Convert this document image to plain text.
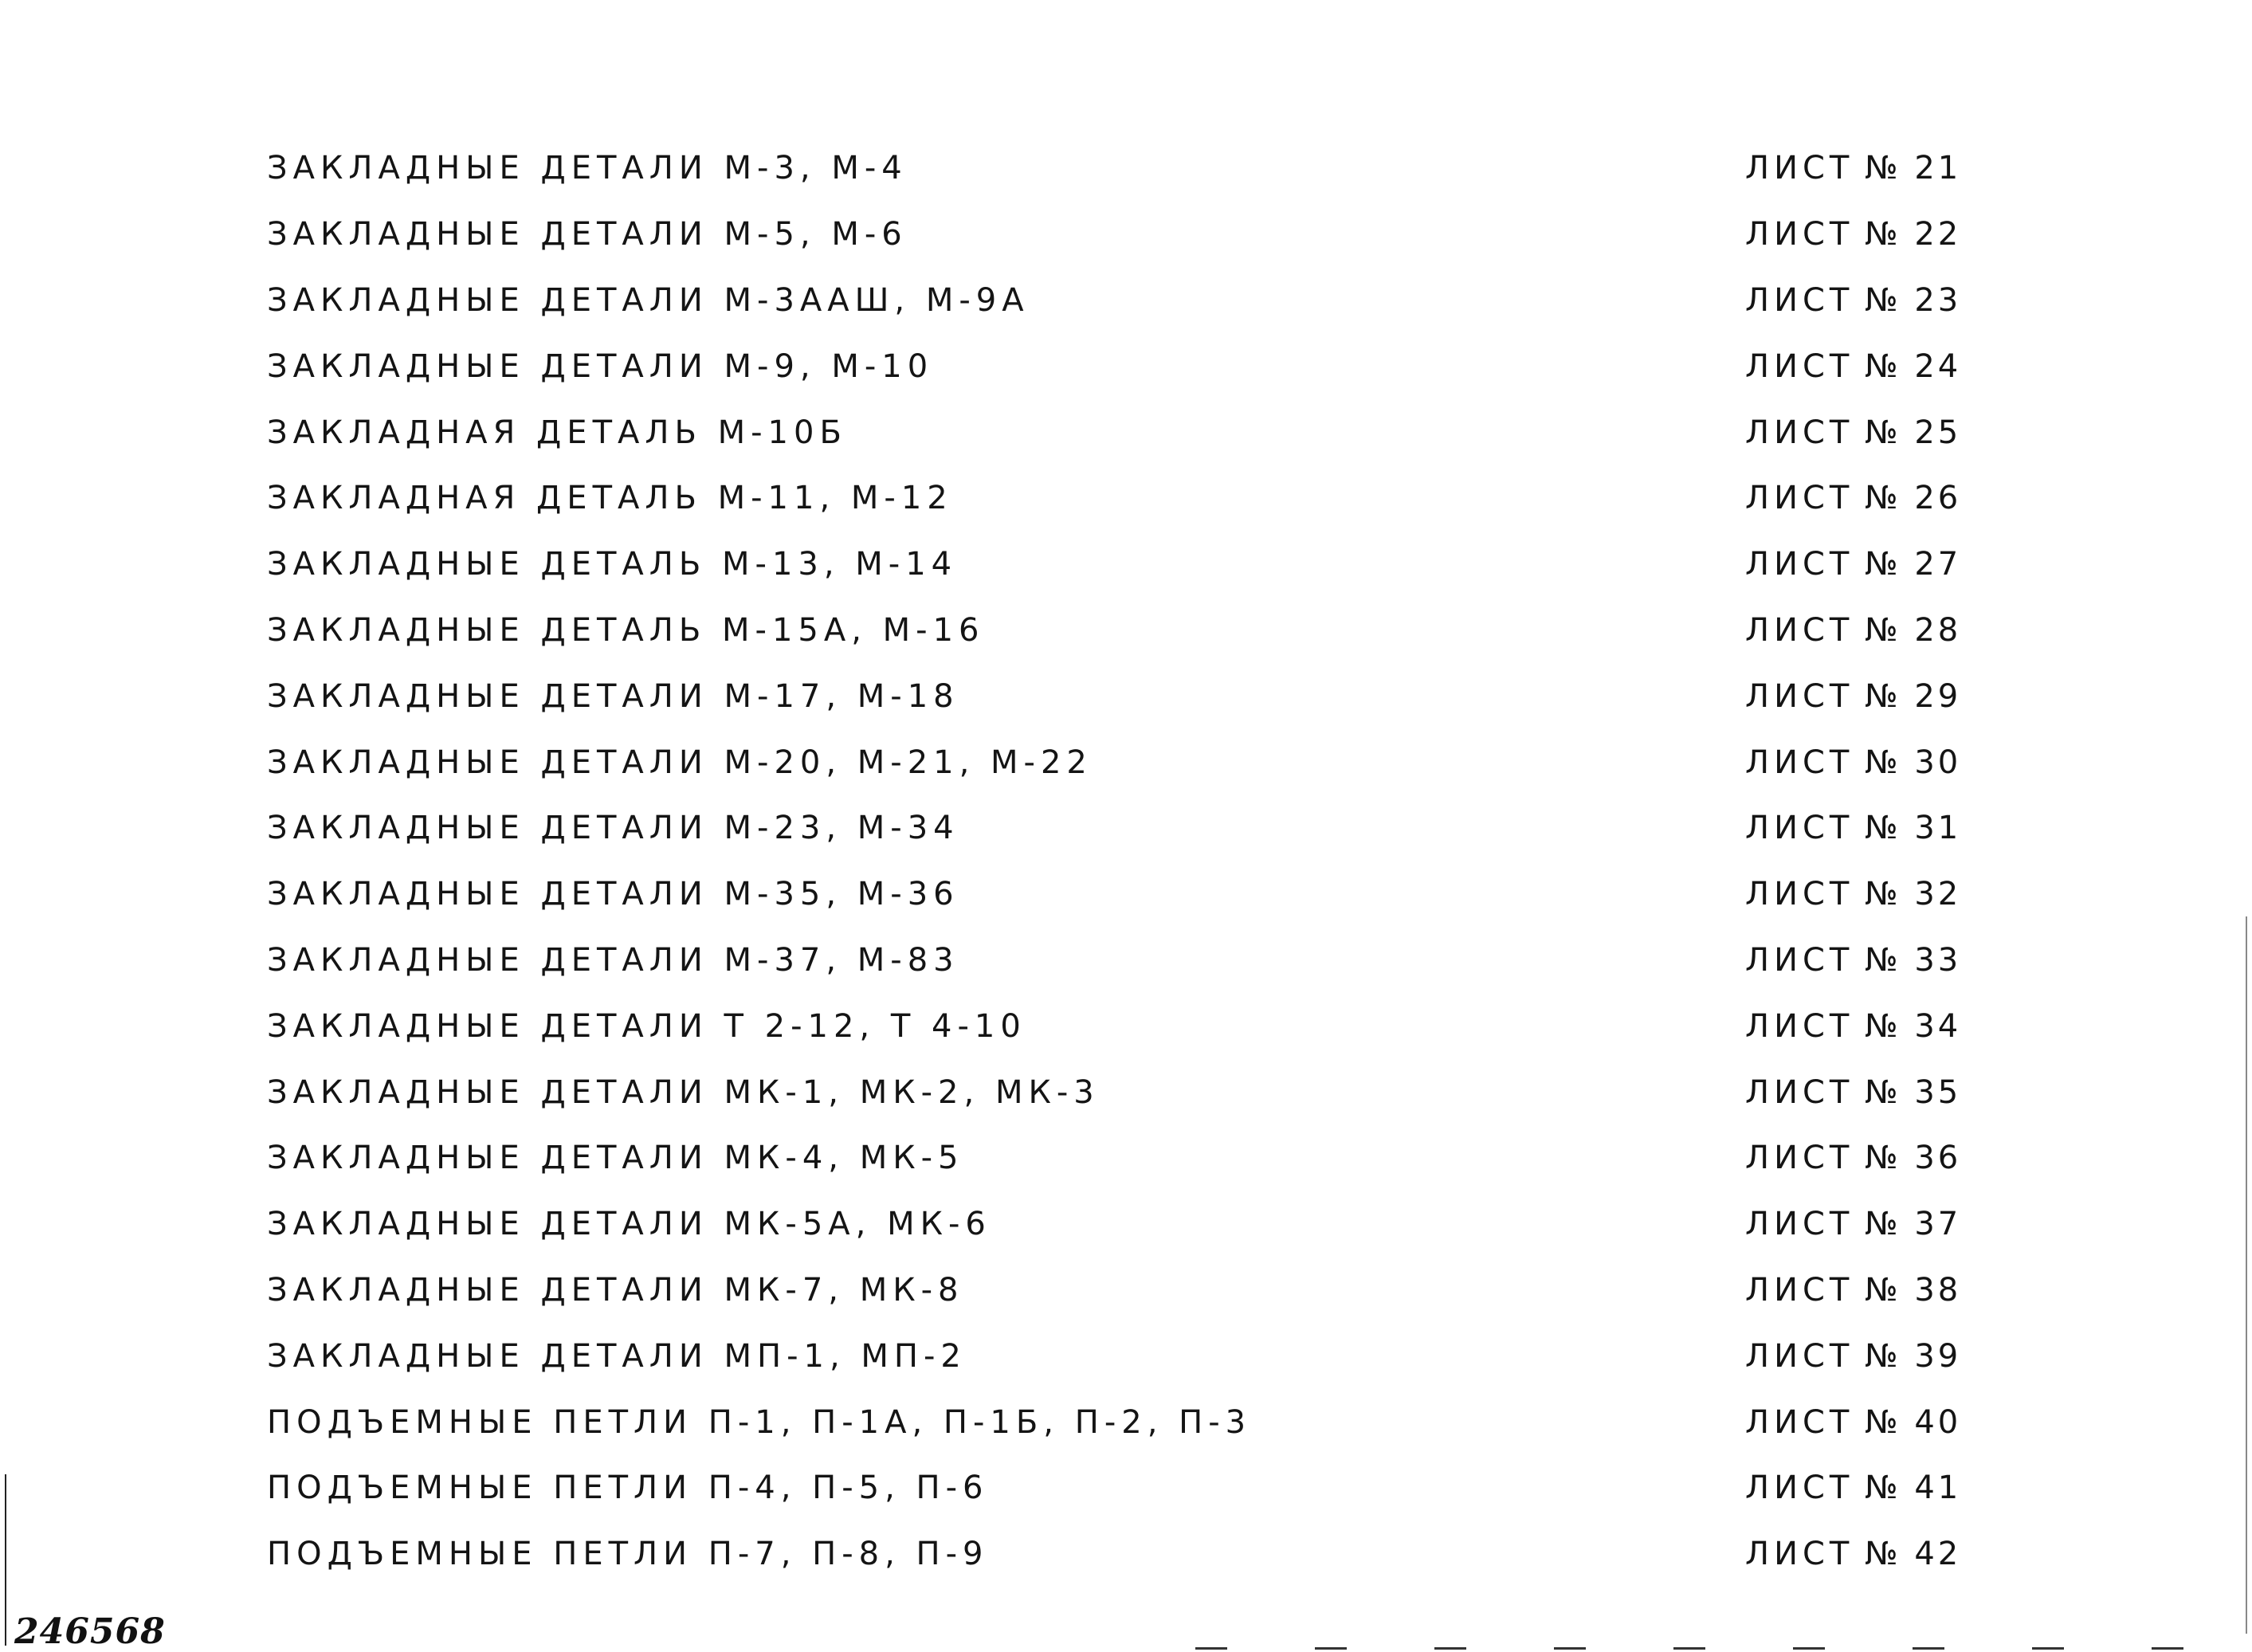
ЗАКЛАДНЫЕ ДЕТАЛИ М-3, М-4	ЛИСТ № 21
ЗАКЛАДНЫЕ ДЕТАЛИ М-5, М-6	ЛИСТ № 22
ЗАКЛАДНЫЕ ДЕТАЛИ М-3ААШ, М-9А	ЛИСТ № 23
ЗАКЛАДНЫЕ ДЕТАЛИ М-9, М-10	ЛИСТ № 24
ЗАКЛАДНАЯ ДЕТАЛЬ М-10Б	ЛИСТ № 25
ЗАКЛАДНАЯ ДЕТАЛЬ М-11, М-12	ЛИСТ № 26
ЗАКЛАДНЫЕ ДЕТАЛЬ М-13, М-14	ЛИСТ № 27
ЗАКЛАДНЫЕ ДЕТАЛЬ М-15А, М-16	ЛИСТ № 28
ЗАКЛАДНЫЕ ДЕТАЛИ М-17, М-18	ЛИСТ № 29
ЗАКЛАДНЫЕ ДЕТАЛИ М-20, М-21, М-22	ЛИСТ № 30
ЗАКЛАДНЫЕ ДЕТАЛИ М-23, М-34	ЛИСТ № 31
ЗАКЛАДНЫЕ ДЕТАЛИ М-35, М-36	ЛИСТ № 32
ЗАКЛАДНЫЕ ДЕТАЛИ М-37, М-83	ЛИСТ № 33
ЗАКЛАДНЫЕ ДЕТАЛИ Т 2-12, Т 4-10	ЛИСТ № 34
ЗАКЛАДНЫЕ ДЕТАЛИ МК-1, МК-2, МК-3	ЛИСТ № 35
ЗАКЛАДНЫЕ ДЕТАЛИ МК-4, МК-5	ЛИСТ № 36
ЗАКЛАДНЫЕ ДЕТАЛИ МК-5А, МК-6	ЛИСТ № 37
ЗАКЛАДНЫЕ ДЕТАЛИ МК-7, МК-8	ЛИСТ № 38
ЗАКЛАДНЫЕ ДЕТАЛИ МП-1, МП-2	ЛИСТ № 39
ПОДЪЕМНЫЕ ПЕТЛИ П-1, П-1А, П-1Б, П-2, П-3	ЛИСТ № 40
ПОДЪЕМНЫЕ ПЕТЛИ П-4, П-5, П-6	ЛИСТ № 41
ПОДЪЕМНЫЕ ПЕТЛИ П-7, П-8, П-9	ЛИСТ № 42
246568
